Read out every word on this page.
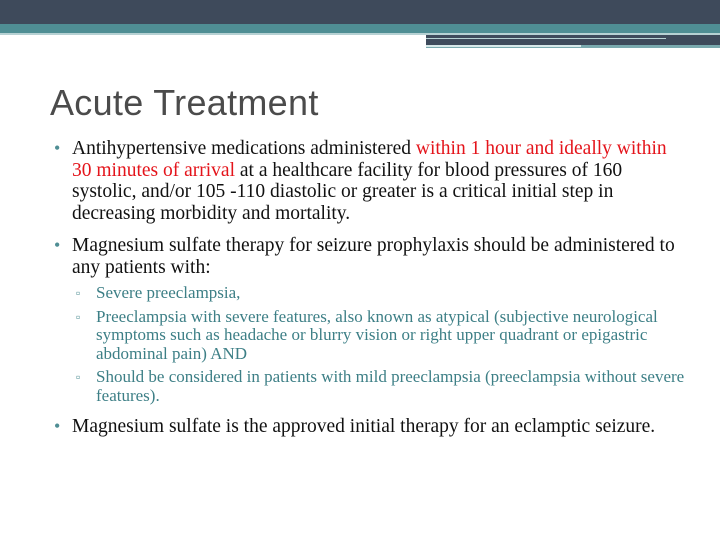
Acute Treatment
• Antihypertensive medications administered within 1 hour and ideally within 30 minutes of arrival at a healthcare facility for blood pressures of 160 systolic, and/or 105 -110 diastolic or greater is a critical initial step in decreasing morbidity and mortality.
• Magnesium sulfate therapy for seizure prophylaxis should be administered to any patients with:
▫ Severe preeclampsia,
▫ Preeclampsia with severe features, also known as atypical (subjective neurological symptoms such as headache or blurry vision or right upper quadrant or epigastric abdominal pain) AND
▫ Should be considered in patients with mild preeclampsia (preeclampsia without severe features).
• Magnesium sulfate is the approved initial therapy for an eclamptic seizure.
